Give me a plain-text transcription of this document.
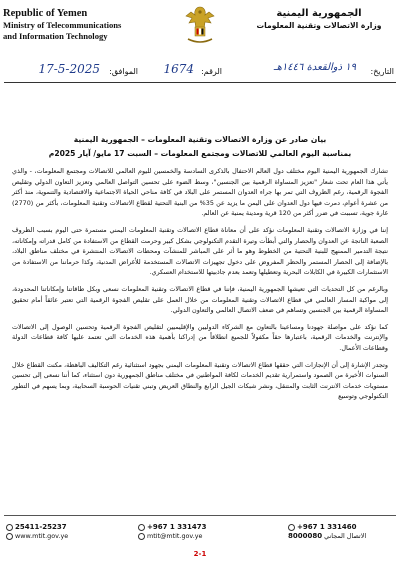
Republic of Yemen
Ministry of Telecommunications
and Information Technology
الجمهورية اليمنية
وزارة الاتصالات وتقنية المعلومات
التاريخ:
١٩ ذوالقعدة ١٤٤٦هـ
الرقم:
1674
الموافق:
17-5-2025
بيان صادر عن وزارة الاتصالات وتقنية المعلومات – الجمهورية اليمنية
بمناسبة اليوم العالمي للاتصالات ومجتمع المعلومات – السبت 17 مايو/ آيار 2025م

تشارك الجمهورية اليمنية اليوم مختلف دول العالم الاحتفال بالذكرى السادسة والخمسين لليوم العالمي للاتصالات ومجتمع المعلومات، - والذي يأتي هذا العام تحت شعار "تعزيز المساواة الرقمية بين الجنسين"، وسط الضوء على تحسين التواصل العالمي وتعزيز التعاون الدولي وتقليص الفجوة الرقمية، رغم الظروف التي تمر بها جراء العدوان المستمر على البلاد في كافة مناحي الحياة الاجتماعية والاقتصادية والتنموية، منذ أكثر من عشرة أعوام، دمرت فيها دول العدوان على اليمن ما يزيد عن 35% من البنية التحتية لقطاع الاتصالات وتقنية المعلومات، بأكثر من (2770) غارة جوية، تسببت في ضرر أكثر من 120 قرية ومدينة يمنية عن العالم.

إننا في وزارة الاتصالات وتقنية المعلومات نؤكد على أن معاناة قطاع الاتصالات وتقنية المعلومات اليمني مستمرة حتى اليوم بسبب الظروف الصعبة الناتجة عن العدوان والحصار والتي أبطأت وتيرة التقدم التكنولوجي بشكل كبير وحرمت القطاع من الاستفادة من كامل قدراته وإمكاناته، نتيجة التدمير الممنهج للبنية التحتية من الخطوط وهو ما أثر على المباشر للمنشآت ومحطات الاتصالات المنتشرة في مختلف مناطق البلاد، بالإضافة إلى الحصار المستمر والحظر المفروض على دخول تجهيزات الاتصالات المستخدمة للأغراض المدنية، وكذا حرماننا من الاستفادة من الاستثمارات الكبيرة في الكابلات البحرية وتعطيلها وتعمد بعدم جاذبيتها للاستخدام العسكري.

وبالرغم من كل التحديات التي تعيشها الجمهورية اليمنية، فإننا في قطاع الاتصالات وتقنية المعلومات نسعى وبكل طاقاتنا وإمكاناتنا المحدودة، إلى مواكبة المسار العالمي في قطاع الاتصالات وتقنية المعلومات من خلال العمل على تقليص الفجوة الرقمية التي تعتبر عائقاً أمام تحقيق المساواة الرقمية بين الجنسين وتساهم في ضعف الاتصال العالمي والتعاون الدولي.

كما نؤكد على مواصلة جهودنا ومساعينا بالتعاون مع الشركاء الدوليين والإقليميين لتقليص الفجوة الرقمية وتحسين الوصول إلى الاتصالات والإنترنت والخدمات الرقمية، باعتبارها حقاً مكفولاً للجميع انطلاقاً من إدراكنا بأهمية هذه الخدمات التي تعتمد عليها كافة قطاعات الدولة وقطاعات الأعمال.

وتجدر الإشارة إلى أن الإنجازات التي حققها قطاع الاتصالات وتقنية المعلومات اليمني بجهود استثنائية رغم التكاليف الباهظة، مكنت القطاع خلال السنوات الأخيرة من الصمود واستمرارية تقديم الخدمات لكافة المواطنين في مختلف مناطق الجمهورية دون استثناء، كما أننا نسعى إلى تحسين مستويات خدمات الانترنت الثابت والمتنقل، ونشر شبكات الجيل الرابع والنطاق العريض وتبني تقنيات الحوسبة السحابية، وبما يسهم في التطور التكنولوجي وتوسيع

25411-25237
www.mtit.gov.ye
+967 1 331473
mtit@mtit.gov.ye
+967 1 331460
8000080 الاتصال المجاني
2-1
